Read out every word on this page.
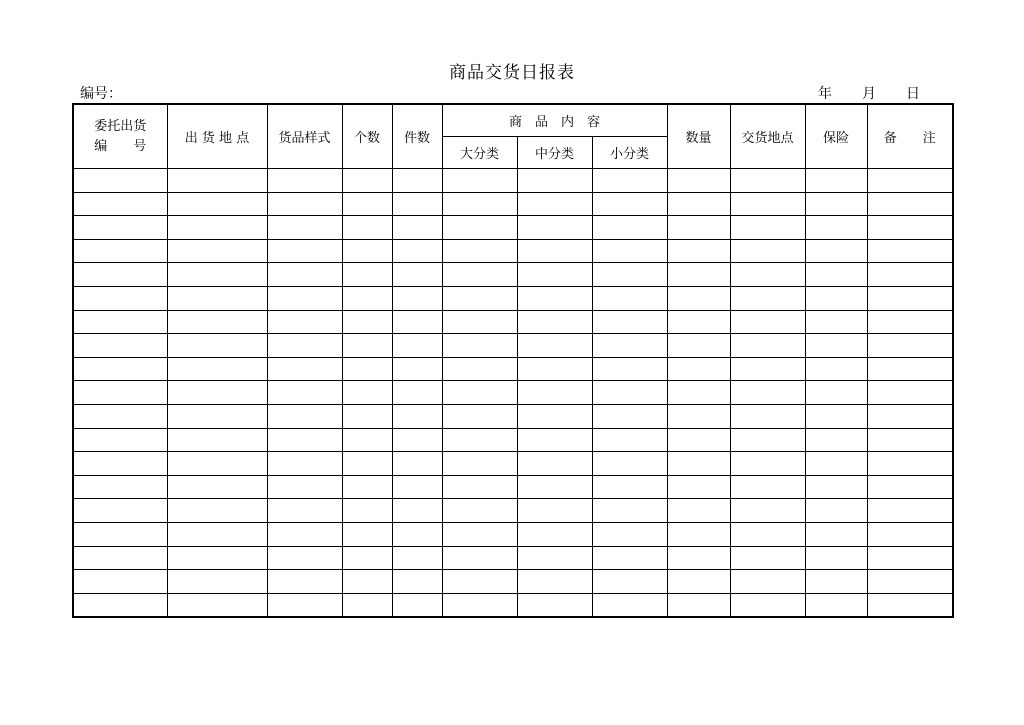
商品交货日报表
编号：	年 月 日
委托出货
编　　号	出 货 地 点	货品样式	个数	件数	商　品　内　容			数量	交货地点	保险	备　　注
					大分类	中分类	小分类				
